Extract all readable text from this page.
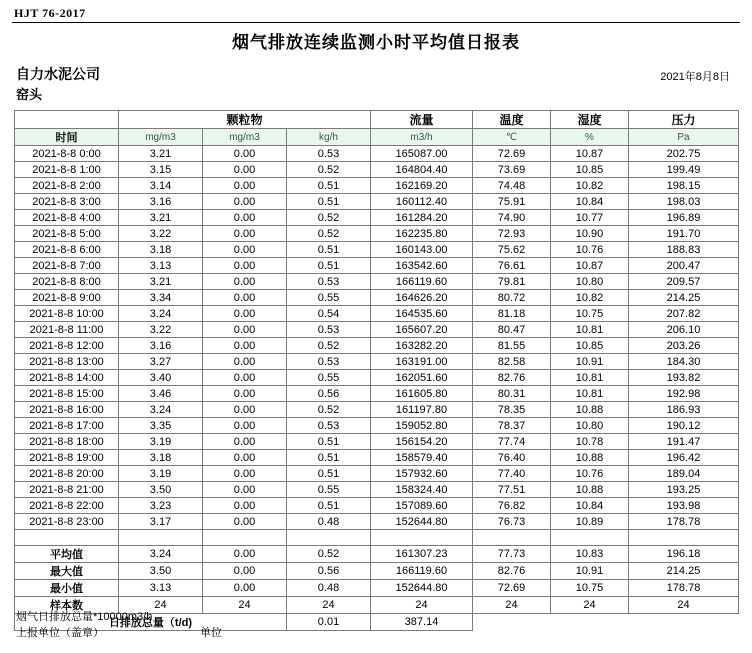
HJT 76-2017
烟气排放连续监测小时平均值日报表
自力水泥公司
窑头
2021年8月8日
	颗粒物			流量	温度	湿度	压力
时间	mg/m3	mg/m3	kg/h	m3/h	℃	%	Pa
2021-8-8 0:00	3.21	0.00	0.53	165087.00	72.69	10.87	202.75
2021-8-8 1:00	3.15	0.00	0.52	164804.40	73.69	10.85	199.49
2021-8-8 2:00	3.14	0.00	0.51	162169.20	74.48	10.82	198.15
2021-8-8 3:00	3.16	0.00	0.51	160112.40	75.91	10.84	198.03
2021-8-8 4:00	3.21	0.00	0.52	161284.20	74.90	10.77	196.89
2021-8-8 5:00	3.22	0.00	0.52	162235.80	72.93	10.90	191.70
2021-8-8 6:00	3.18	0.00	0.51	160143.00	75.62	10.76	188.83
2021-8-8 7:00	3.13	0.00	0.51	163542.60	76.61	10.87	200.47
2021-8-8 8:00	3.21	0.00	0.53	166119.60	79.81	10.80	209.57
2021-8-8 9:00	3.34	0.00	0.55	164626.20	80.72	10.82	214.25
2021-8-8 10:00	3.24	0.00	0.54	164535.60	81.18	10.75	207.82
2021-8-8 11:00	3.22	0.00	0.53	165607.20	80.47	10.81	206.10
2021-8-8 12:00	3.16	0.00	0.52	163282.20	81.55	10.85	203.26
2021-8-8 13:00	3.27	0.00	0.53	163191.00	82.58	10.91	184.30
2021-8-8 14:00	3.40	0.00	0.55	162051.60	82.76	10.81	193.82
2021-8-8 15:00	3.46	0.00	0.56	161605.80	80.31	10.81	192.98
2021-8-8 16:00	3.24	0.00	0.52	161197.80	78.35	10.88	186.93
2021-8-8 17:00	3.35	0.00	0.53	159052.80	78.37	10.80	190.12
2021-8-8 18:00	3.19	0.00	0.51	156154.20	77.74	10.78	191.47
2021-8-8 19:00	3.18	0.00	0.51	158579.40	76.40	10.88	196.42
2021-8-8 20:00	3.19	0.00	0.51	157932.60	77.40	10.76	189.04
2021-8-8 21:00	3.50	0.00	0.55	158324.40	77.51	10.88	193.25
2021-8-8 22:00	3.23	0.00	0.51	157089.60	76.82	10.84	193.98
2021-8-8 23:00	3.17	0.00	0.48	152644.80	76.73	10.89	178.78

平均值	3.24	0.00	0.52	161307.23	77.73	10.83	196.18
最大值	3.50	0.00	0.56	166119.60	82.76	10.91	214.25
最小值	3.13	0.00	0.48	152644.80	72.69	10.75	178.78
样本数	24	24	24	24	24	24	24
日排放总量（t/d)			0.01	387.14			
烟气日排放总量*10000m3/h
上报单位（盖章）	单位
